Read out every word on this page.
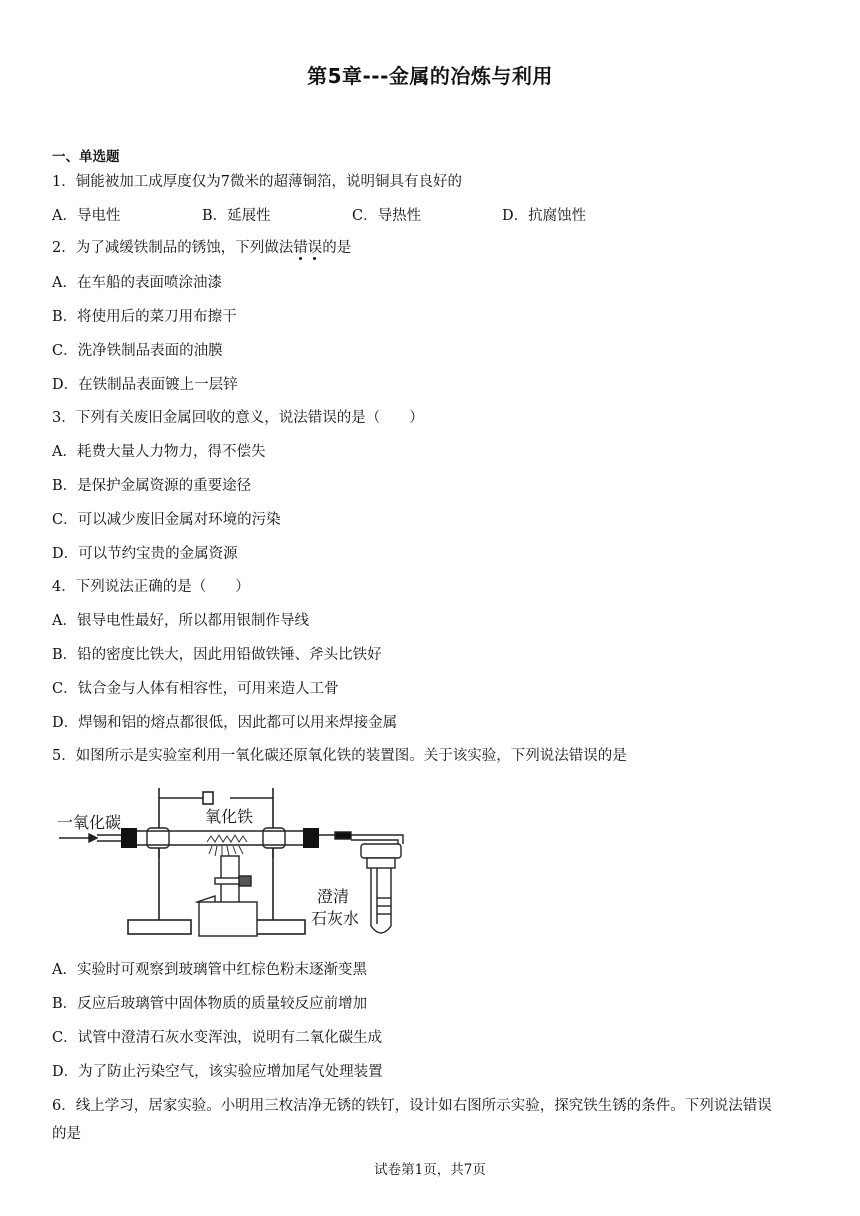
第5章---金属的冶炼与利用
一、单选题
1．铜能被加工成厚度仅为7微米的超薄铜箔，说明铜具有良好的
A．导电性	B．延展性	C．导热性	D．抗腐蚀性
2．为了减缓铁制品的锈蚀，下列做法错误的是
A．在车船的表面喷涂油漆
B．将使用后的菜刀用布擦干
C．洗净铁制品表面的油膜
D．在铁制品表面镀上一层锌
3．下列有关废旧金属回收的意义，说法错误的是（　　）
A．耗费大量人力物力，得不偿失
B．是保护金属资源的重要途径
C．可以减少废旧金属对环境的污染
D．可以节约宝贵的金属资源
4．下列说法正确的是（　　）
A．银导电性最好，所以都用银制作导线
B．铅的密度比铁大，因此用铅做铁锤、斧头比铁好
C．钛合金与人体有相容性，可用来造人工骨
D．焊锡和铝的熔点都很低，因此都可以用来焊接金属
5．如图所示是实验室利用一氧化碳还原氧化铁的装置图。关于该实验，下列说法错误的是
一氧化碳	氧化铁
澄清
石灰水
A．实验时可观察到玻璃管中红棕色粉末逐渐变黑
B．反应后玻璃管中固体物质的质量较反应前增加
C．试管中澄清石灰水变浑浊，说明有二氧化碳生成
D．为了防止污染空气，该实验应增加尾气处理装置
6．线上学习，居家实验。小明用三枚洁净无锈的铁钉，设计如右图所示实验，探究铁生锈的条件。下列说法错误
的是
试卷第1页，共7页
